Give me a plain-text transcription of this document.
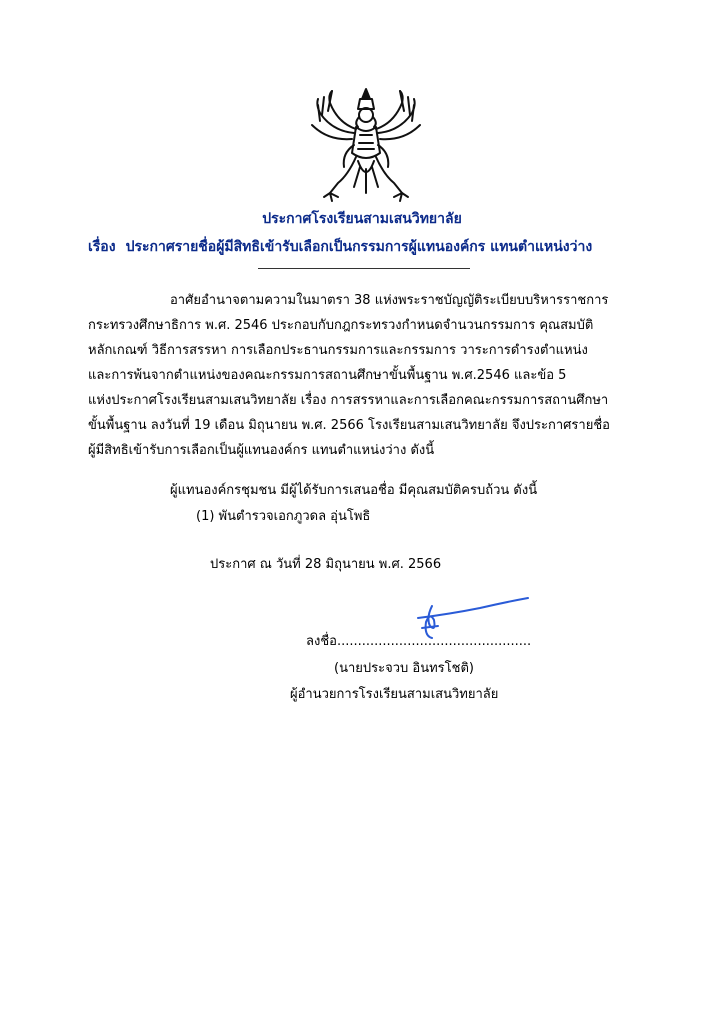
ประกาศโรงเรียนสามเสนวิทยาลัย
เรื่อง ประกาศรายชื่อผู้มีสิทธิเข้ารับเลือกเป็นกรรมการผู้แทนองค์กร แทนตำแหน่งว่าง
อาศัยอำนาจตามความในมาตรา 38 แห่งพระราชบัญญัติระเบียบบริหารราชการ
กระทรวงศึกษาธิการ พ.ศ. 2546 ประกอบกับกฎกระทรวงกำหนดจำนวนกรรมการ คุณสมบัติ
หลักเกณฑ์ วิธีการสรรหา การเลือกประธานกรรมการและกรรมการ วาระการดำรงตำแหน่ง
และการพ้นจากตำแหน่งของคณะกรรมการสถานศึกษาขั้นพื้นฐาน พ.ศ.2546 และข้อ 5
แห่งประกาศโรงเรียนสามเสนวิทยาลัย เรื่อง การสรรหาและการเลือกคณะกรรมการสถานศึกษา
ขั้นพื้นฐาน ลงวันที่ 19 เดือน มิถุนายน พ.ศ. 2566 โรงเรียนสามเสนวิทยาลัย จึงประกาศรายชื่อ
ผู้มีสิทธิเข้ารับการเลือกเป็นผู้แทนองค์กร แทนตำแหน่งว่าง ดังนี้
ผู้แทนองค์กรชุมชน มีผู้ได้รับการเสนอชื่อ มีคุณสมบัติครบถ้วน ดังนี้
(1) พันตำรวจเอกภูวดล อุ่นโพธิ
ประกาศ ณ วันที่ 28 มิถุนายน พ.ศ. 2566
ลงชื่อ...............................................
(นายประจวบ อินทรโชติ)
ผู้อำนวยการโรงเรียนสามเสนวิทยาลัย
